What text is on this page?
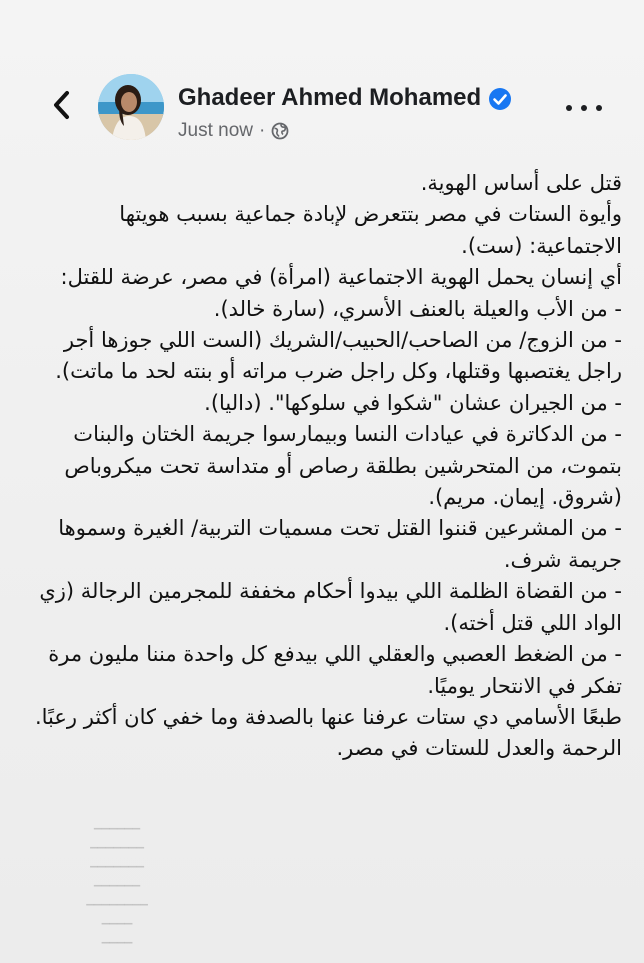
Ghadeer Ahmed Mohamed
Just now ·

قتل على أساس الهوية.

وأيوة الستات في مصر بتتعرض لإبادة جماعية بسبب هويتها الاجتماعية: (ست).

أي إنسان يحمل الهوية الاجتماعية (امرأة) في مصر، عرضة للقتل:

- من الأب والعيلة بالعنف الأسري، (سارة خالد).

- من الزوج/ من الصاحب/الحبيب/الشريك (الست اللي جوزها أجر راجل يغتصبها وقتلها، وكل راجل ضرب مراته أو بنته لحد ما ماتت).

- من الجيران عشان "شكوا في سلوكها". (داليا).

- من الدكاترة في عيادات النسا وبيمارسوا جريمة الختان والبنات بتموت، من المتحرشين بطلقة رصاص أو متداسة تحت ميكروباص (شروق. إيمان. مريم).

- من المشرعين قننوا القتل تحت مسميات التربية/ الغيرة وسموها جريمة شرف.

- من القضاة الظلمة اللي بيدوا أحكام مخففة للمجرمين الرجالة (زي الواد اللي قتل أخته).

- من الضغط العصبي والعقلي اللي بيدفع كل واحدة مننا مليون مرة تفكر في الانتحار يوميًا.

طبعًا الأسامي دي ستات عرفنا عنها بالصدفة وما خفي كان أكثر رعبًا.

الرحمة والعدل للستات في مصر.

▁▁▁▁▁▁
▁▁▁▁▁▁▁
▁▁▁▁▁▁▁
▁▁▁▁▁▁
▁▁▁▁▁▁▁▁
▁▁▁▁
▁▁▁▁
